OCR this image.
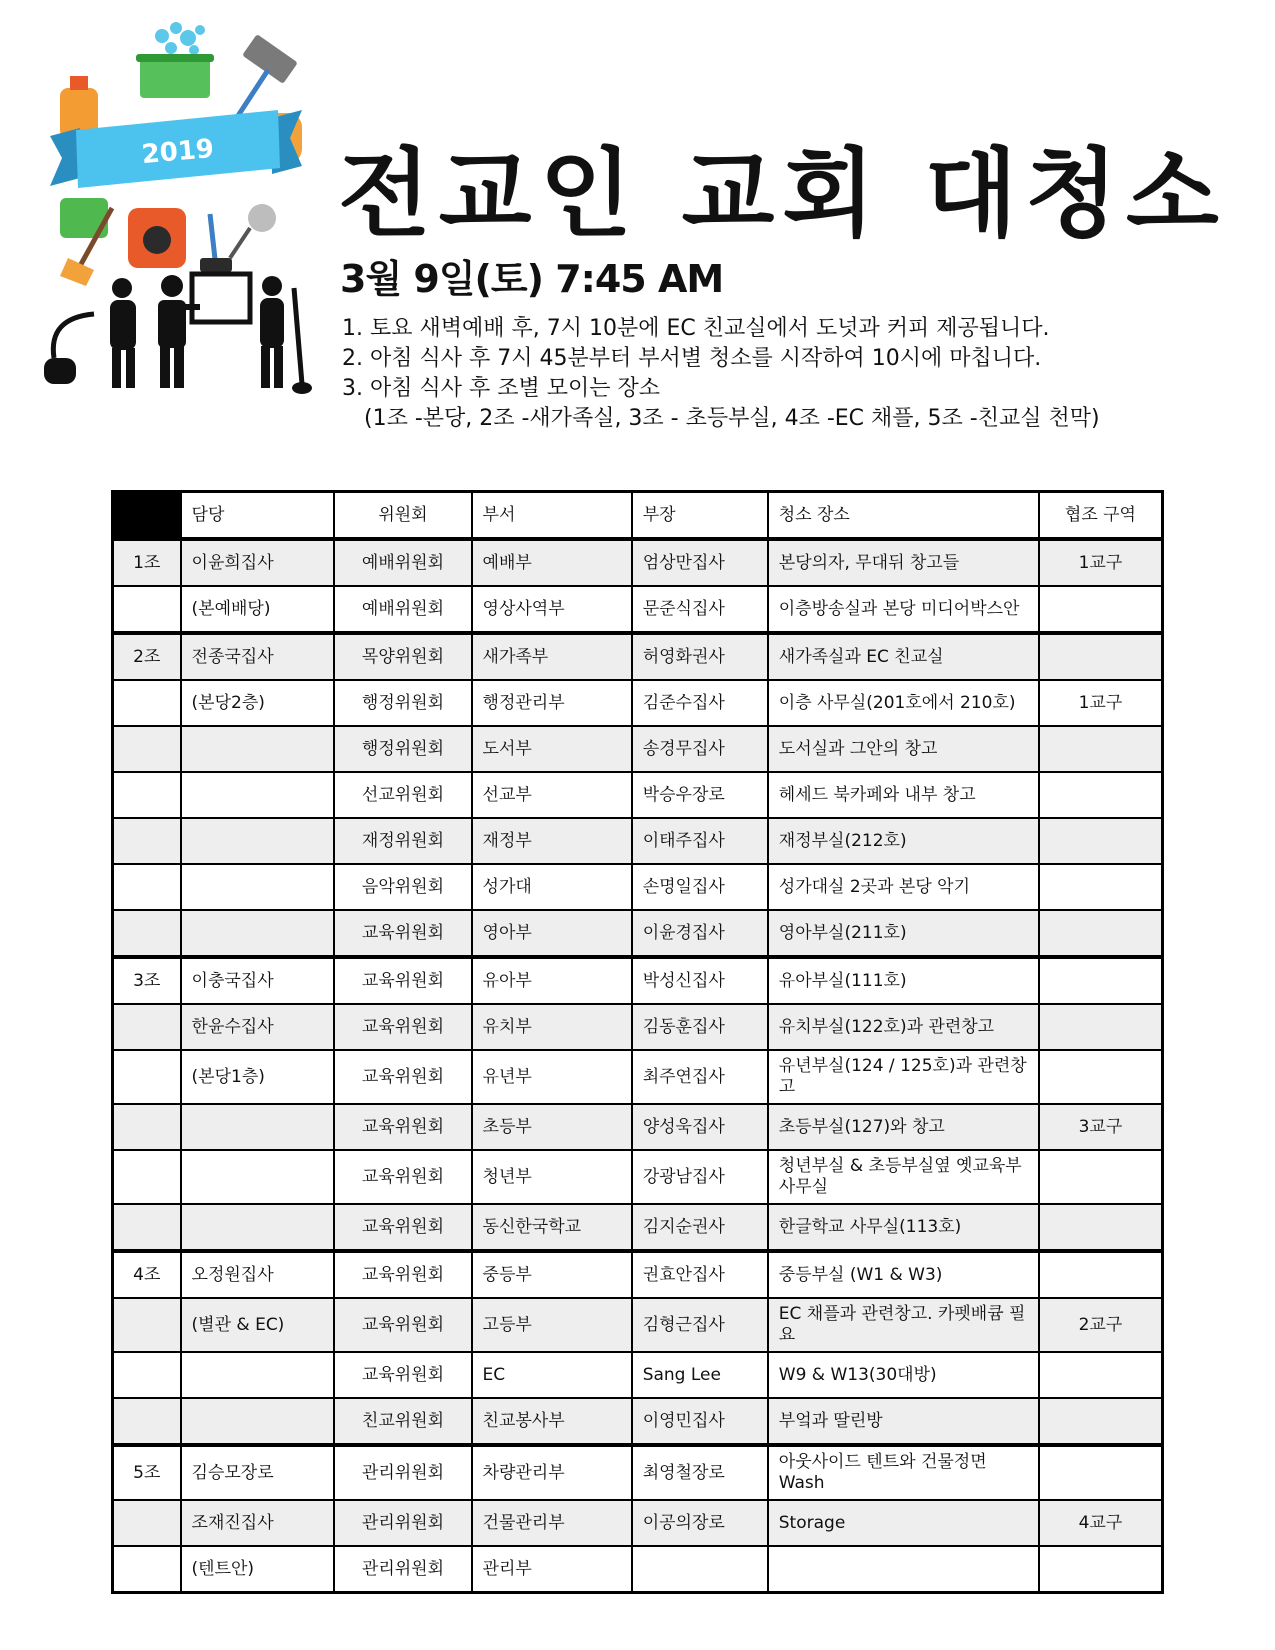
2019 전교인 교회 대청소
3월 9일(토) 7:45 AM
1. 토요 새벽예배 후, 7시 10분에 EC 친교실에서 도넛과 커피 제공됩니다.
2. 아침 식사 후 7시 45분부터 부서별 청소를 시작하여 10시에 마칩니다.
3. 아침 식사 후 조별 모이는 장소
(1조 -본당, 2조 -새가족실, 3조 - 초등부실, 4조 -EC 채플, 5조 -친교실 천막)
	담당	위원회	부서	부장	청소 장소	협조 구역
1조	이윤희집사	예배위원회	예배부	엄상만집사	본당의자, 무대뒤 창고들	1교구
	(본예배당)	예배위원회	영상사역부	문준식집사	이층방송실과 본당 미디어박스안	
2조	전종국집사	목양위원회	새가족부	허영화권사	새가족실과 EC 친교실	
	(본당2층)	행정위원회	행정관리부	김준수집사	이층 사무실(201호에서 210호)	1교구
		행정위원회	도서부	송경무집사	도서실과 그안의 창고	
		선교위원회	선교부	박승우장로	헤세드 북카페와 내부 창고	
		재정위원회	재정부	이태주집사	재정부실(212호)	
		음악위원회	성가대	손명일집사	성가대실 2곳과 본당 악기	
		교육위원회	영아부	이윤경집사	영아부실(211호)	
3조	이충국집사	교육위원회	유아부	박성신집사	유아부실(111호)	
	한윤수집사	교육위원회	유치부	김동훈집사	유치부실(122호)과 관련창고	
	(본당1층)	교육위원회	유년부	최주연집사	유년부실(124 / 125호)과 관련창고	
		교육위원회	초등부	양성욱집사	초등부실(127)와 창고	3교구
		교육위원회	청년부	강광남집사	청년부실 & 초등부실옆 옛교육부 사무실	
		교육위원회	동신한국학교	김지순권사	한글학교 사무실(113호)	
4조	오정원집사	교육위원회	중등부	권효안집사	중등부실 (W1 & W3)	
	(별관 & EC)	교육위원회	고등부	김형근집사	EC 채플과 관련창고. 카펫배큠 필요	2교구
		교육위원회	EC	Sang Lee	W9 & W13(30대방)	
		친교위원회	친교봉사부	이영민집사	부엌과 딸린방	
5조	김승모장로	관리위원회	차량관리부	최영철장로	아웃사이드 텐트와 건물정면 Wash	
	조재진집사	관리위원회	건물관리부	이공의장로	Storage	4교구
	(텐트안)	관리위원회	관리부			
